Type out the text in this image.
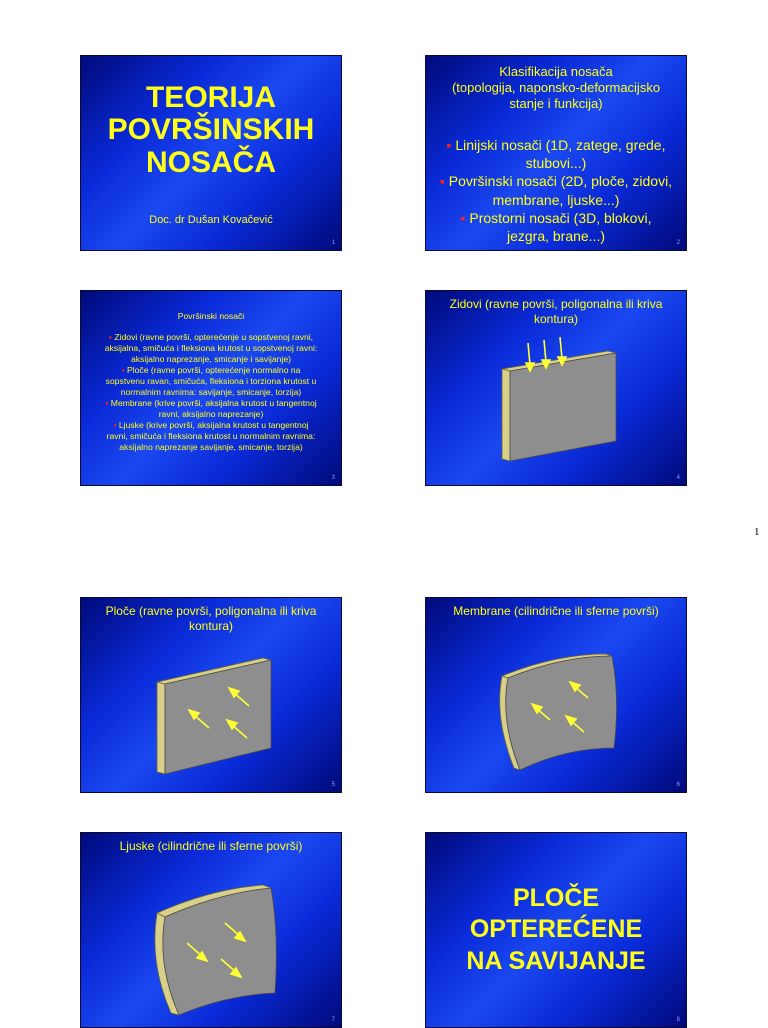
TEORIJA
POVRŠINSKIH
NOSAČA
Doc. dr Dušan Kovačević
1
Klasifikacija nosača
(topologija, naponsko-deformacijsko
stanje i funkcija)
▪ Linijski nosači (1D, zatege, grede,
stubovi...)
▪ Površinski nosači (2D, ploče, zidovi,
membrane, ljuske...)
▪ Prostorni nosači (3D, blokovi,
jezgra, brane...)	2
Površinski nosači
▪ Zidovi (ravne površi, opterećenje u sopstvenoj ravni,
aksijalna, smičuća i fleksiona krutost u sopstvenoj ravni:
aksijalno naprezanje, smicanje i savijanje)
▪ Ploče (ravne površi, opterećenje normalno na
sopstvenu ravan, smičuća, fleksiona i torziona krutost u
normalnim ravnima: savijanje, smicanje, torzija)
▪ Membrane (krive površi, aksijalna krutost u tangentnoj
ravni, aksijalno naprezanje)
▪ Ljuske (krive površi, aksijalna krutost u tangentnoj
ravni, smičuća i fleksiona krutost u normalnim ravnima:
aksijalno naprezanje savijanje, smicanje, torzija)
3
Zidovi (ravne površi, poligonalna ili kriva
kontura)
4
Ploče (ravne površi, poligonalna ili kriva
kontura)
5
Membrane (cilindrične ili sferne površi)
6
Ljuske (cilindrične ili sferne površi)
7
PLOČE
OPTEREĆENE
NA SAVIJANJE
8
1
